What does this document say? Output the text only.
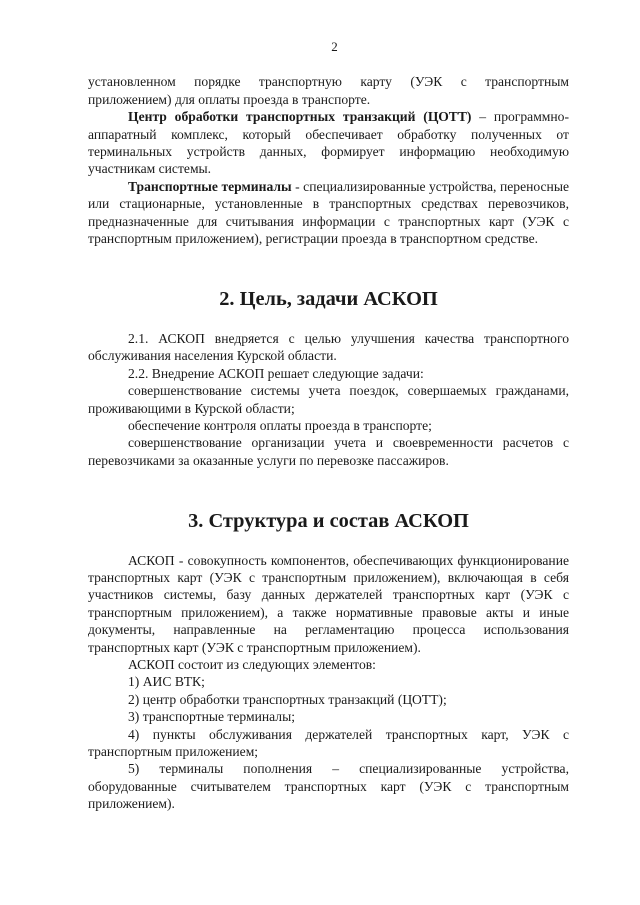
2

установленном порядке транспортную карту (УЭК с транспортным

приложением) для оплаты проезда в транспорте.

Центр обработки транспортных транзакций (ЦОТТ) – программно-аппаратный комплекс, который обеспечивает обработку полученных от терминальных устройств данных, формирует информацию необходимую участникам системы.

Транспортные терминалы - специализированные устройства, переносные или стационарные, установленные в транспортных средствах перевозчиков, предназначенные для считывания информации с транспортных карт (УЭК с транспортным приложением), регистрации проезда в транспортном средстве.

2. Цель, задачи АСКОП

2.1. АСКОП внедряется с целью улучшения качества транспортного обслуживания населения Курской области.

2.2. Внедрение АСКОП решает следующие задачи:

совершенствование системы учета поездок, совершаемых гражданами, проживающими в Курской области;

обеспечение контроля оплаты проезда в транспорте;

совершенствование организации учета и своевременности расчетов с перевозчиками за оказанные услуги по перевозке пассажиров.

3. Структура и состав АСКОП

АСКОП - совокупность компонентов, обеспечивающих функционирование транспортных карт (УЭК с транспортным приложением), включающая в себя участников системы, базу данных держателей транспортных карт (УЭК с транспортным приложением), а также нормативные правовые акты и иные документы, направленные на регламентацию процесса использования транспортных карт (УЭК с транспортным приложением).

АСКОП состоит из следующих элементов:

1) АИС ВТК;

2) центр обработки транспортных транзакций (ЦОТТ);

3) транспортные терминалы;

4) пункты обслуживания держателей транспортных карт, УЭК с транспортным приложением;

5) терминалы пополнения – специализированные устройства, оборудованные считывателем транспортных карт (УЭК с транспортным приложением).
